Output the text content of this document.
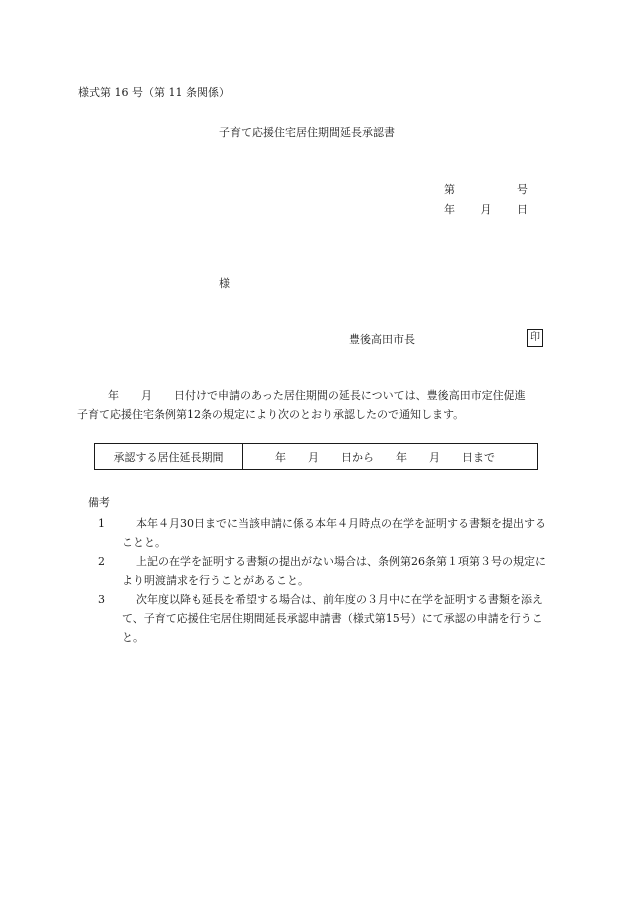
様式第 16 号（第 11 条関係）
子育て応援住宅居住期間延長承認書
第	号
年 月 日
様
豊後高田市長	印

　年　　月　　日付けで申請のあった居住期間の延長については、豊後高田市定住促進

子育て応援住宅条例第12条の規定により次のとおり承認したので通知します。

承認する居住延長期間	年　　月　　日から　　年　　月　　日まで
備考
1	本年４月30日までに当該申請に係る本年４月時点の在学を証明する書類を提出することと。
2	上記の在学を証明する書類の提出がない場合は、条例第26条第１項第３号の規定により明渡請求を行うことがあること。
3	次年度以降も延長を希望する場合は、前年度の３月中に在学を証明する書類を添えて、子育て応援住宅居住期間延長承認申請書（様式第15号）にて承認の申請を行うこと。
